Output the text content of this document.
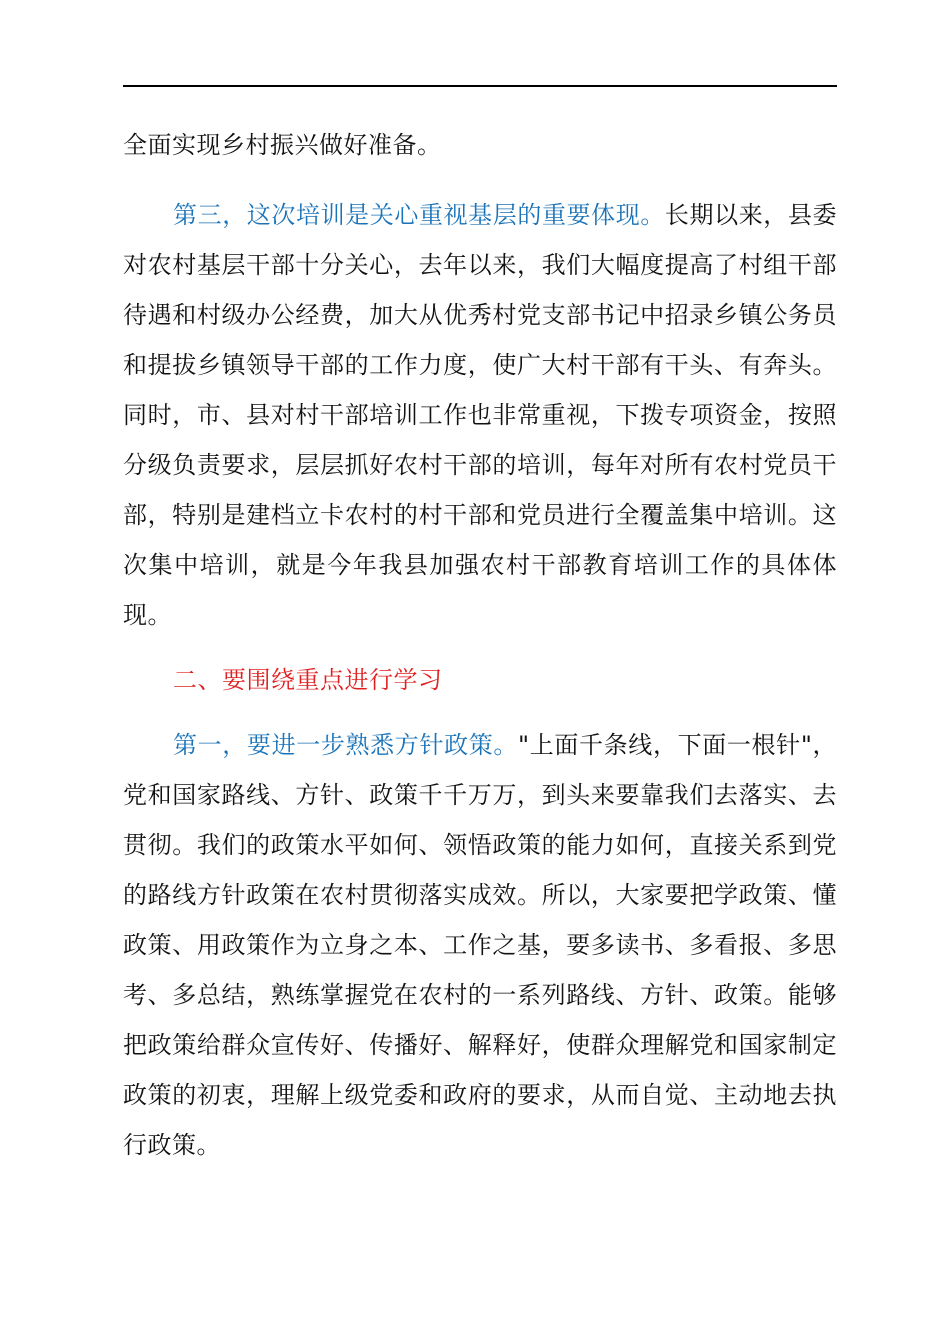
全面实现乡村振兴做好准备。

第三，这次培训是关心重视基层的重要体现。长期以来，县委对农村基层干部十分关心，去年以来，我们大幅度提高了村组干部待遇和村级办公经费，加大从优秀村党支部书记中招录乡镇公务员和提拔乡镇领导干部的工作力度，使广大村干部有干头、有奔头。同时，市、县对村干部培训工作也非常重视，下拨专项资金，按照分级负责要求，层层抓好农村干部的培训，每年对所有农村党员干部，特别是建档立卡农村的村干部和党员进行全覆盖集中培训。这次集中培训，就是今年我县加强农村干部教育培训工作的具体体现。

二、要围绕重点进行学习

第一，要进一步熟悉方针政策。"上面千条线，下面一根针"，党和国家路线、方针、政策千千万万，到头来要靠我们去落实、去贯彻。我们的政策水平如何、领悟政策的能力如何，直接关系到党的路线方针政策在农村贯彻落实成效。所以，大家要把学政策、懂政策、用政策作为立身之本、工作之基，要多读书、多看报、多思考、多总结，熟练掌握党在农村的一系列路线、方针、政策。能够把政策给群众宣传好、传播好、解释好，使群众理解党和国家制定政策的初衷，理解上级党委和政府的要求，从而自觉、主动地去执行政策。
